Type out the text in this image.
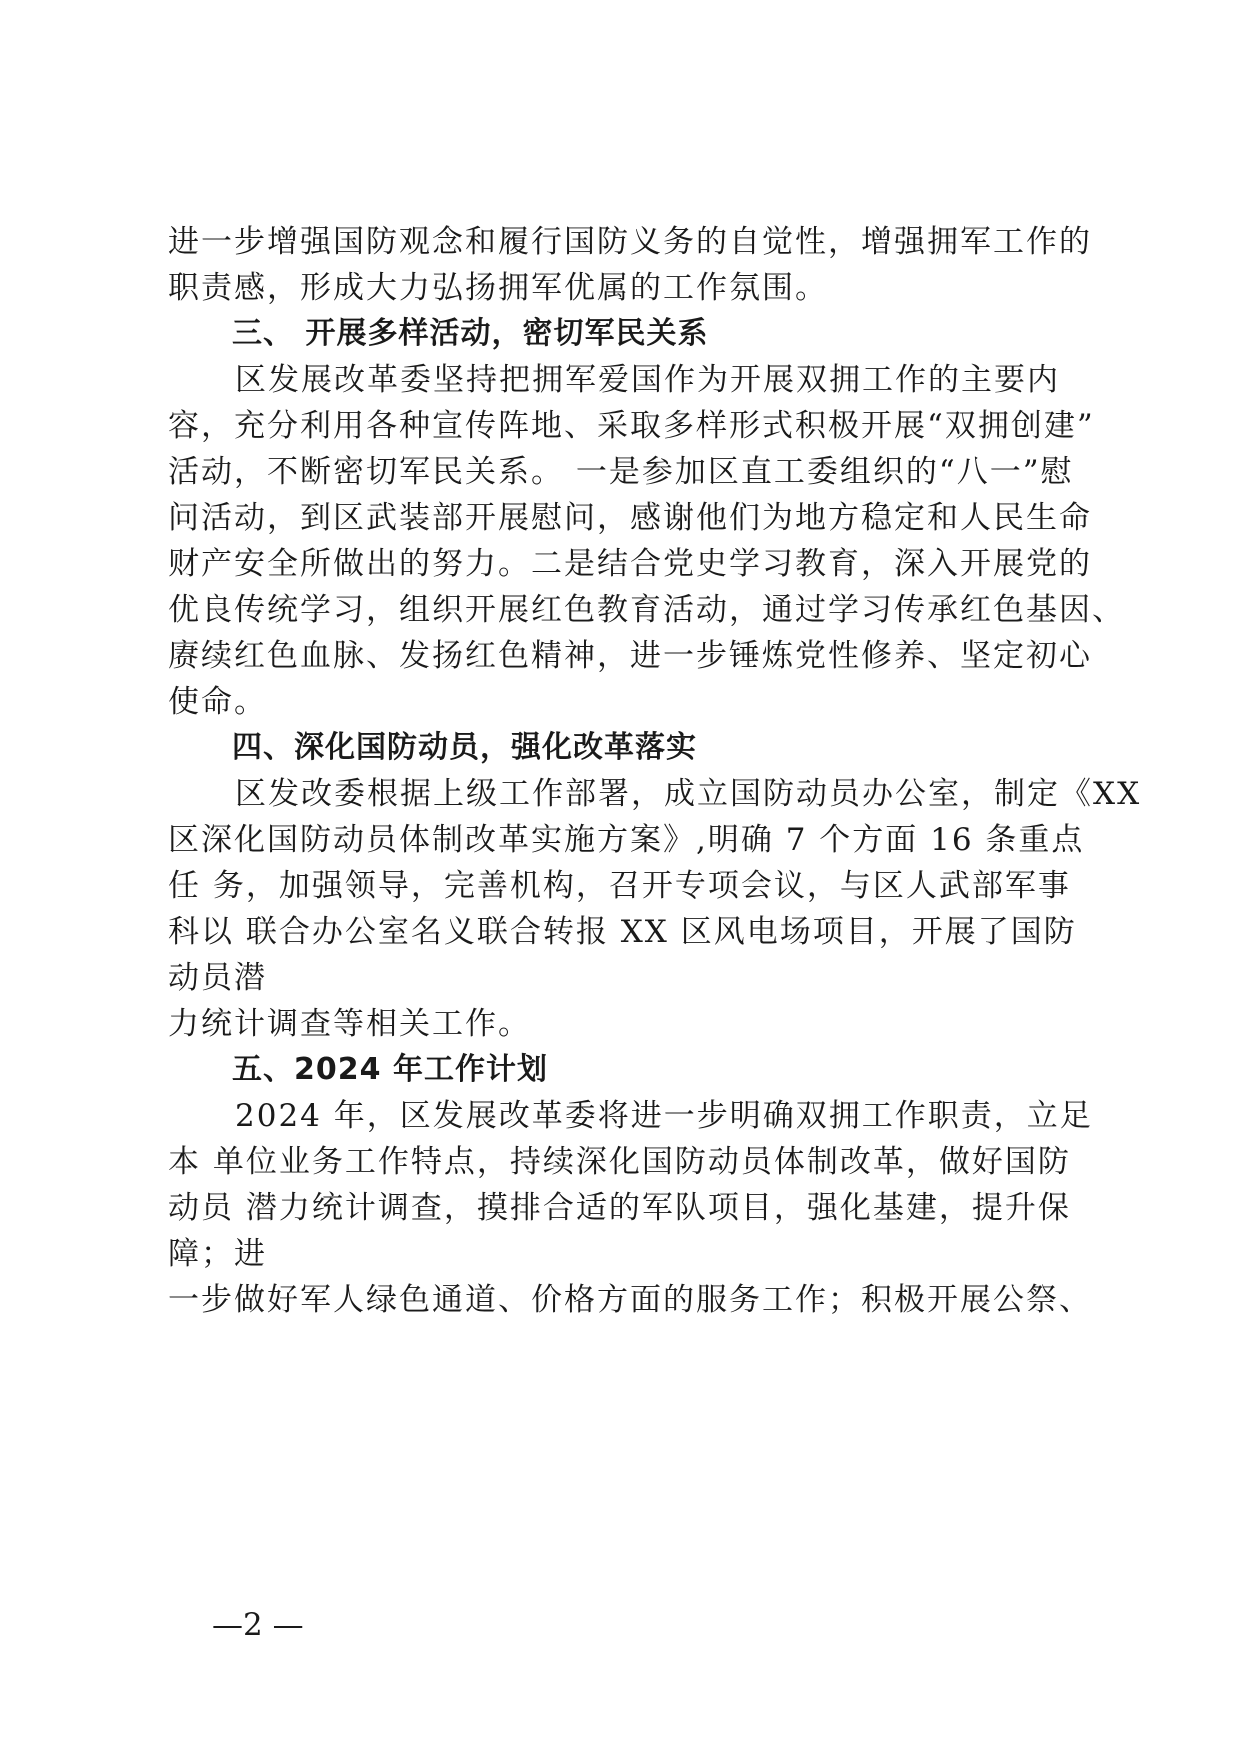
进一步增强国防观念和履行国防义务的自觉性，增强拥军工作的
职责感，形成大力弘扬拥军优属的工作氛围。
三、 开展多样活动，密切军民关系
区发展改革委坚持把拥军爱国作为开展双拥工作的主要内
容，充分利用各种宣传阵地、采取多样形式积极开展“双拥创建”
活动，不断密切军民关系。 一是参加区直工委组织的“八一”慰
问活动，到区武装部开展慰问，感谢他们为地方稳定和人民生命
财产安全所做出的努力。二是结合党史学习教育，深入开展党的
优良传统学习，组织开展红色教育活动，通过学习传承红色基因、
赓续红色血脉、发扬红色精神，进一步锤炼党性修养、坚定初心
使命。
四、深化国防动员，强化改革落实
区发改委根据上级工作部署，成立国防动员办公室，制定《XX
区深化国防动员体制改革实施方案》,明确 7 个方面 16 条重点
任 务，加强领导，完善机构，召开专项会议，与区人武部军事
科以 联合办公室名义联合转报 XX 区风电场项目，开展了国防
动员潜
力统计调查等相关工作。
五、2024 年工作计划
2024 年，区发展改革委将进一步明确双拥工作职责，立足
本 单位业务工作特点，持续深化国防动员体制改革，做好国防
动员 潜力统计调查，摸排合适的军队项目，强化基建，提升保
障；进
一步做好军人绿色通道、价格方面的服务工作；积极开展公祭、
—2 —
